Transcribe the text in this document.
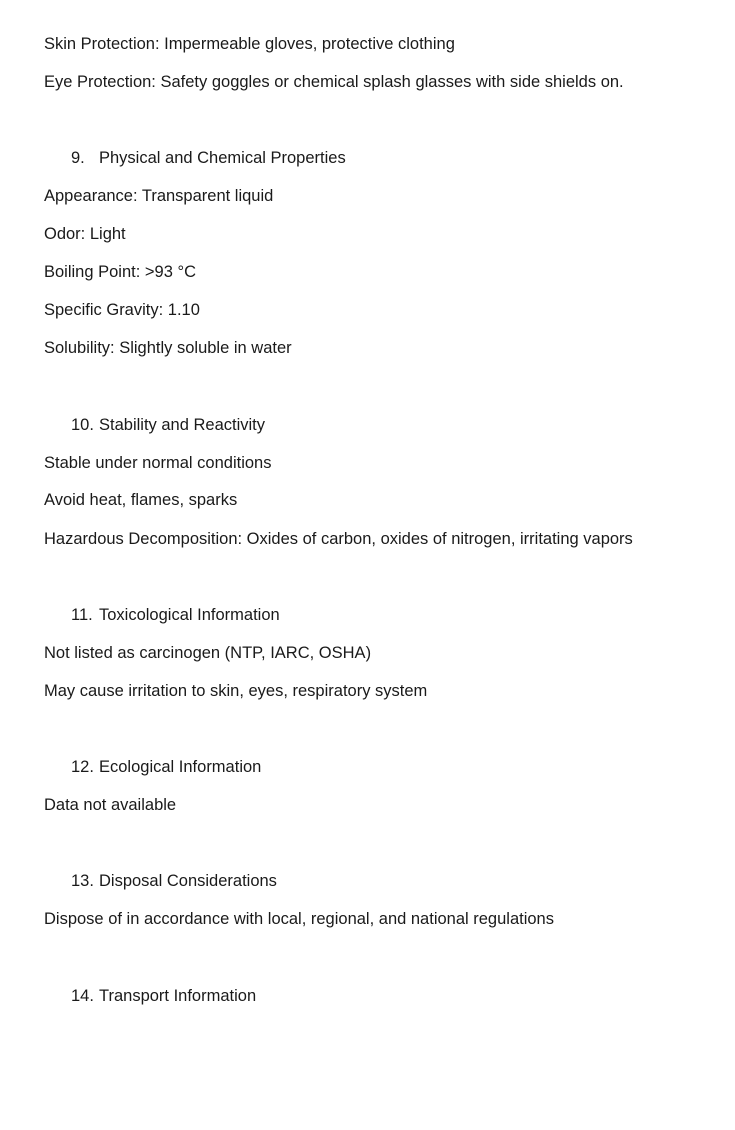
Skin Protection: Impermeable gloves, protective clothing
Eye Protection: Safety goggles or chemical splash glasses with side shields on.
9. Physical and Chemical Properties
Appearance: Transparent liquid
Odor: Light
Boiling Point: >93 °C
Specific Gravity: 1.10
Solubility: Slightly soluble in water
10. Stability and Reactivity
Stable under normal conditions
Avoid heat, flames, sparks
Hazardous Decomposition: Oxides of carbon, oxides of nitrogen, irritating vapors
11. Toxicological Information
Not listed as carcinogen (NTP, IARC, OSHA)
May cause irritation to skin, eyes, respiratory system
12. Ecological Information
Data not available
13. Disposal Considerations
Dispose of in accordance with local, regional, and national regulations
14. Transport Information
